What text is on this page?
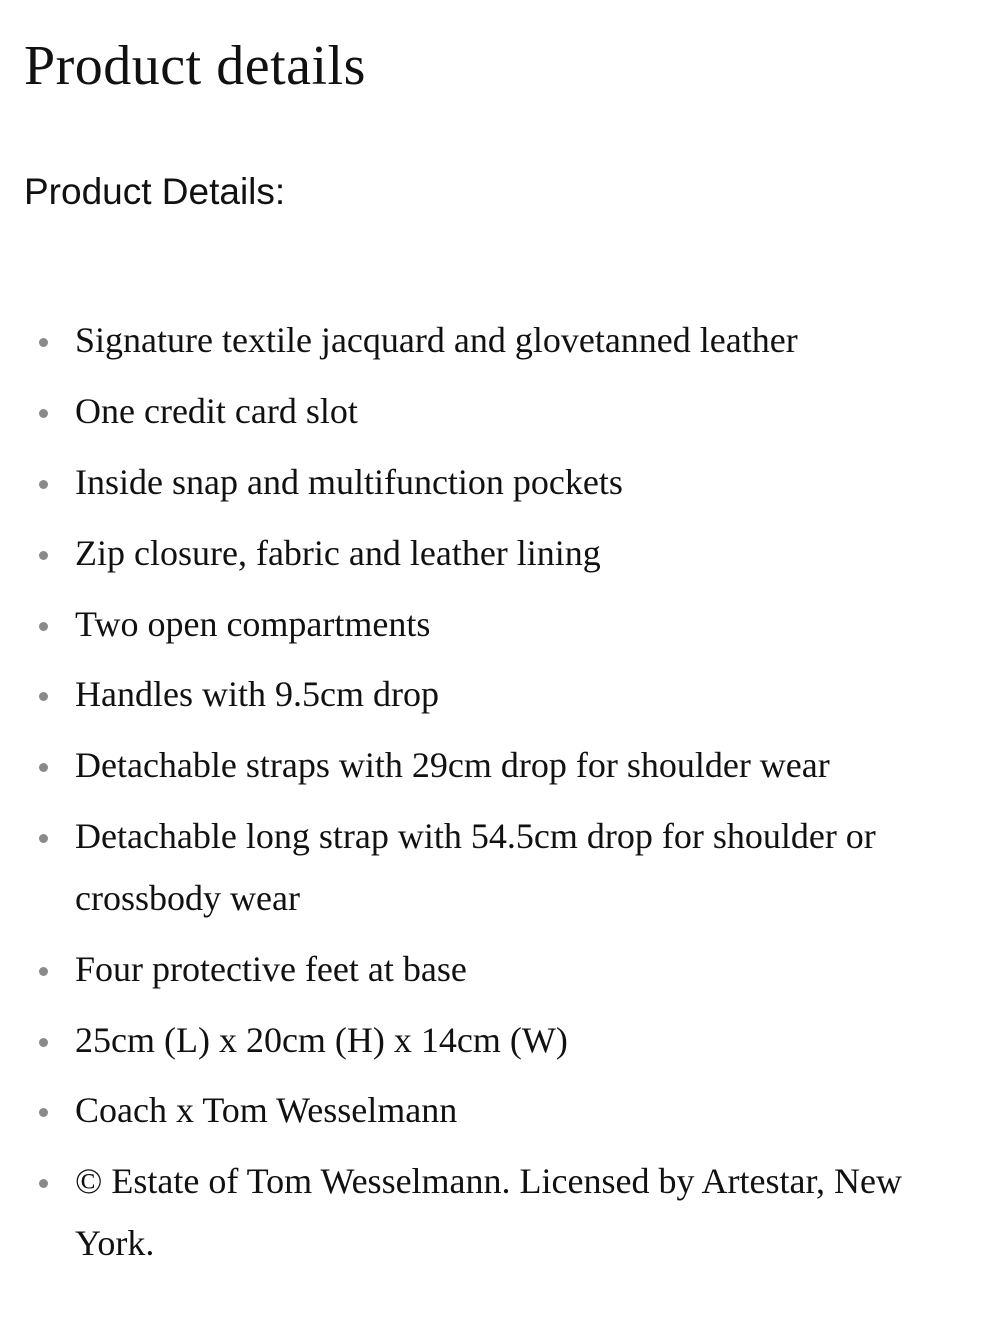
Product details
Product Details:
Signature textile jacquard and glovetanned leather
One credit card slot
Inside snap and multifunction pockets
Zip closure, fabric and leather lining
Two open compartments
Handles with 9.5cm drop
Detachable straps with 29cm drop for shoulder wear
Detachable long strap with 54.5cm drop for shoulder or crossbody wear
Four protective feet at base
25cm (L) x 20cm (H) x 14cm (W)
Coach x Tom Wesselmann
© Estate of Tom Wesselmann. Licensed by Artestar, New York.
